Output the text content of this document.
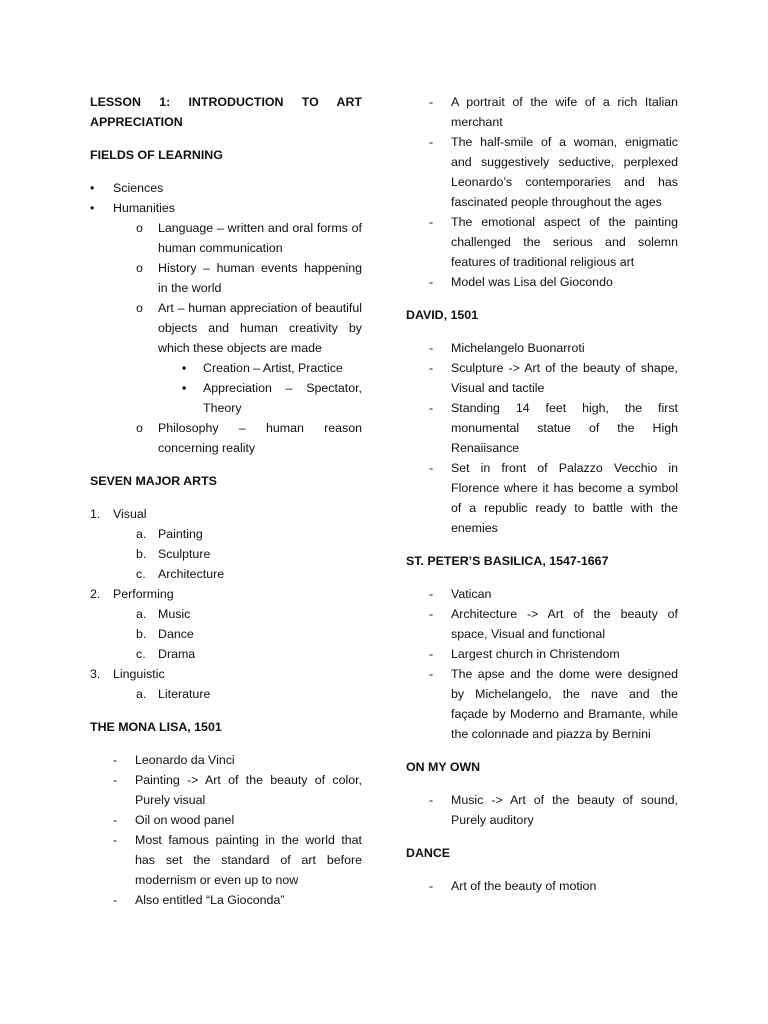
LESSON 1: INTRODUCTION TO ART
APPRECIATION
FIELDS OF LEARNING
•	Sciences
•	Humanities
o	Language – written and oral forms of human communication
o	History – human events happening in the world
o	Art – human appreciation of beautiful objects and human creativity by which these objects are made
▪	Creation – Artist, Practice
▪	Appreciation – Spectator, Theory
o	Philosophy – human reason concerning reality
SEVEN MAJOR ARTS
1.	Visual
a. Painting
b. Sculpture
c. Architecture
2.	Performing
a. Music
b. Dance
c. Drama
3.	Linguistic
a. Literature
THE MONA LISA, 1501
-	Leonardo da Vinci
-	Painting -> Art of the beauty of color, Purely visual
-	Oil on wood panel
-	Most famous painting in the world that has set the standard of art before modernism or even up to now
-	Also entitled “La Gioconda”
-	A portrait of the wife of a rich Italian merchant
-	The half-smile of a woman, enigmatic and suggestively seductive, perplexed Leonardo’s contemporaries and has fascinated people throughout the ages
-	The emotional aspect of the painting challenged the serious and solemn features of traditional religious art
-	Model was Lisa del Giocondo
DAVID, 1501
-	Michelangelo Buonarroti
-	Sculpture -> Art of the beauty of shape, Visual and tactile
-	Standing 14 feet high, the first monumental statue of the High Renaiisance
-	Set in front of Palazzo Vecchio in Florence where it has become a symbol of a republic ready to battle with the enemies
ST. PETER’S BASILICA, 1547-1667
-	Vatican
-	Architecture -> Art of the beauty of space, Visual and functional
-	Largest church in Christendom
-	The apse and the dome were designed by Michelangelo, the nave and the façade by Moderno and Bramante, while the colonnade and piazza by Bernini
ON MY OWN
-	Music -> Art of the beauty of sound, Purely auditory
DANCE
-	Art of the beauty of motion
